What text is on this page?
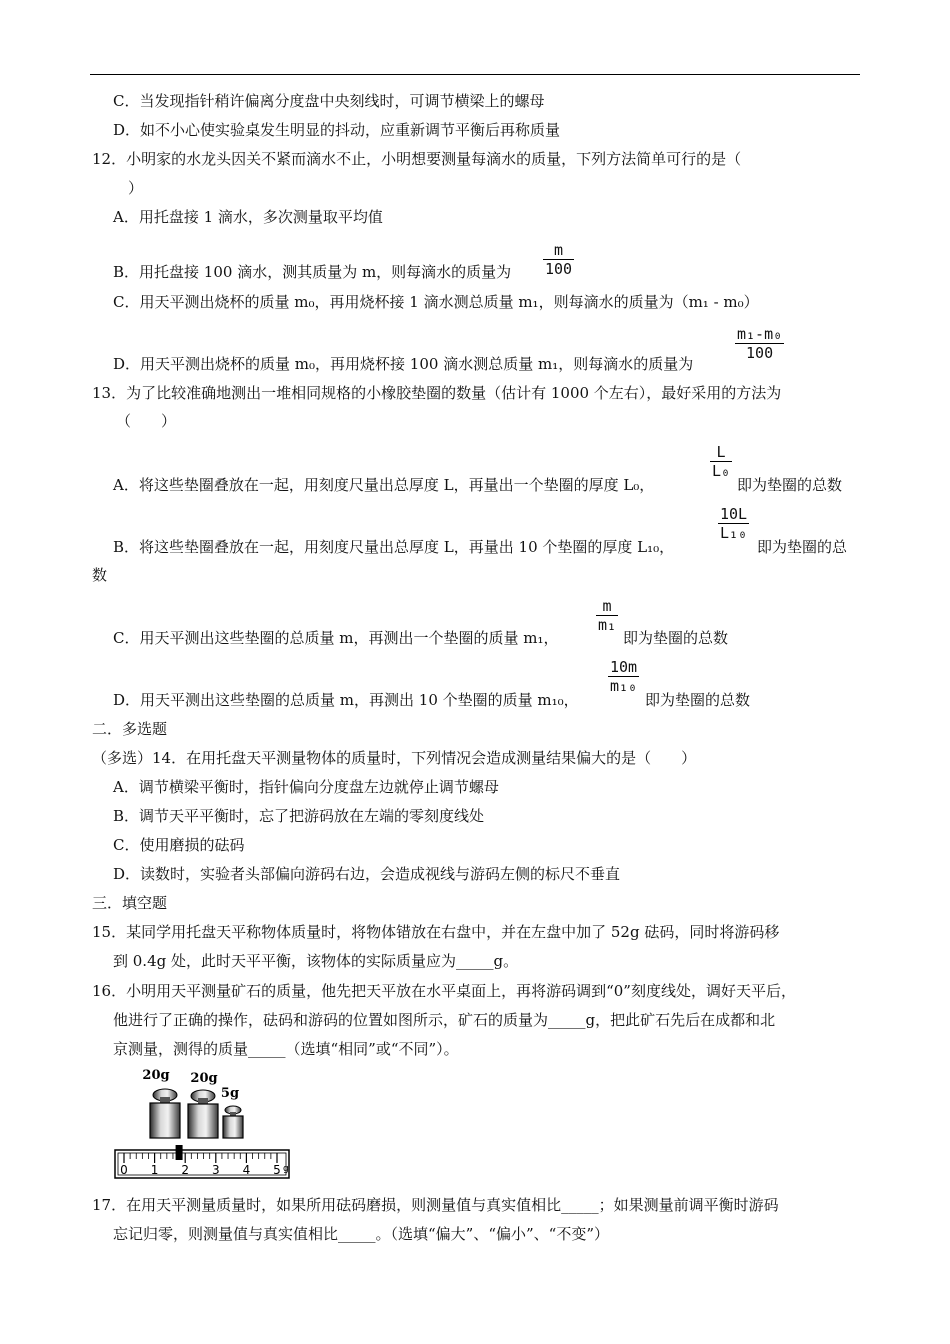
C．当发现指针稍许偏离分度盘中央刻线时，可调节横梁上的螺母
D．如不小心使实验桌发生明显的抖动，应重新调节平衡后再称质量
12．小明家的水龙头因关不紧而滴水不止，小明想要测量每滴水的质量，下列方法简单可行的是（
）
A．用托盘接 1 滴水，多次测量取平均值
B．用托盘接 100 滴水，测其质量为 m，则每滴水的质量为
m
100
C．用天平测出烧杯的质量 m₀，再用烧杯接 1 滴水测总质量 m₁，则每滴水的质量为（m₁ - m₀）
D．用天平测出烧杯的质量 m₀，再用烧杯接 100 滴水测总质量 m₁，则每滴水的质量为
m₁-m₀
100
13．为了比较准确地测出一堆相同规格的小橡胶垫圈的数量（估计有 1000 个左右），最好采用的方法为
（　　）
A．将这些垫圈叠放在一起，用刻度尺量出总厚度 L，再量出一个垫圈的厚度 L₀，
L
L₀
即为垫圈的总数
B．将这些垫圈叠放在一起，用刻度尺量出总厚度 L，再量出 10 个垫圈的厚度 L₁₀，
10L
L₁₀
即为垫圈的总
数
C．用天平测出这些垫圈的总质量 m，再测出一个垫圈的质量 m₁，
m
m₁
即为垫圈的总数
D．用天平测出这些垫圈的总质量 m，再测出 10 个垫圈的质量 m₁₀，
10m
m₁₀
即为垫圈的总数
二．多选题
（多选）14．在用托盘天平测量物体的质量时，下列情况会造成测量结果偏大的是（　　）
A．调节横梁平衡时，指针偏向分度盘左边就停止调节螺母
B．调节天平平衡时，忘了把游码放在左端的零刻度线处
C．使用磨损的砝码
D．读数时，实验者头部偏向游码右边，会造成视线与游码左侧的标尺不垂直
三．填空题
15．某同学用托盘天平称物体质量时，将物体错放在右盘中，并在左盘中加了 52g 砝码，同时将游码移
到 0.4g 处，此时天平平衡，该物体的实际质量应为_____g。
16．小明用天平测量矿石的质量，他先把天平放在水平桌面上，再将游码调到“0”刻度线处，调好天平后，
他进行了正确的操作，砝码和游码的位置如图所示，矿石的质量为_____g，把此矿石先后在成都和北
京测量，测得的质量_____（选填“相同”或“不同”）。
20g 20g
5g
0 1 2 3 4 5 g
17．在用天平测量质量时，如果所用砝码磨损，则测量值与真实值相比_____；如果测量前调平衡时游码
忘记归零，则测量值与真实值相比_____。（选填“偏大”、“偏小”、“不变”）
